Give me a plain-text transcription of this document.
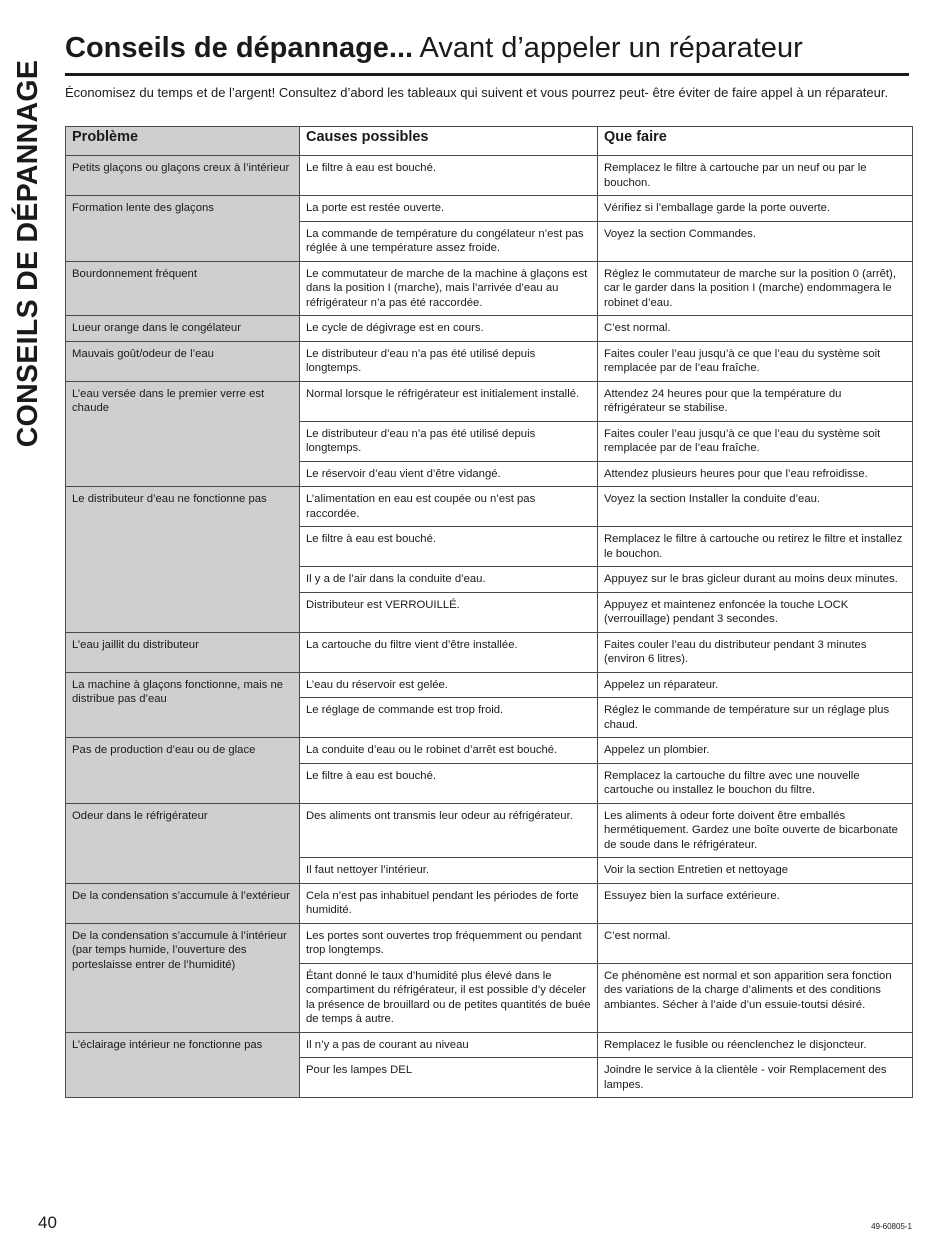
CONSEILS DE DÉPANNAGE
Conseils de dépannage... Avant d’appeler un réparateur

Économisez du temps et de l’argent! Consultez d’abord les tableaux qui suivent et vous pourrez peut- être éviter de faire appel à un réparateur.

Problème	Causes possibles	Que faire
Petits glaçons ou glaçons creux à l’intérieur	Le filtre à eau est bouché.	Remplacez le filtre à cartouche par un neuf ou par le bouchon.
Formation lente des glaçons	La porte est restée ouverte.	Vérifiez si l’emballage garde la porte ouverte.
	La commande de température du congélateur n’est pas réglée à une température assez froide.	Voyez la section Commandes.
Bourdonnement fréquent	Le commutateur de marche de la machine à glaçons est dans la position I (marche), mais l’arrivée d’eau au réfrigérateur n’a pas été raccordée.	Réglez le commutateur de marche sur la position 0 (arrêt), car le garder dans la position I (marche) endommagera le robinet d’eau.
Lueur orange dans le congélateur	Le cycle de dégivrage est en cours.	C’est normal.
Mauvais goût/odeur de l’eau	Le distributeur d’eau n’a pas été utilisé depuis longtemps.	Faites couler l’eau jusqu’à ce que l’eau du système soit remplacée par de l’eau fraîche.
L’eau versée dans le premier verre est chaude	Normal lorsque le réfrigérateur est initialement installé.	Attendez 24 heures pour que la température du réfrigérateur se stabilise.
	Le distributeur d’eau n’a pas été utilisé depuis longtemps.	Faites couler l’eau jusqu’à ce que l’eau du système soit remplacée par de l’eau fraîche.
	Le réservoir d’eau vient d’être vidangé.	Attendez plusieurs heures pour que l’eau refroidisse.
Le distributeur d’eau ne fonctionne pas	L’alimentation en eau est coupée ou n’est pas raccordée.	Voyez la section Installer la conduite d’eau.
	Le filtre à eau est bouché.	Remplacez le filtre à cartouche ou retirez le filtre et installez le bouchon.
	Il y a de l’air dans la conduite d’eau.	Appuyez sur le bras gicleur durant au moins deux minutes.
	Distributeur est VERROUILLÉ.	Appuyez et maintenez enfoncée la touche LOCK (verrouillage) pendant 3 secondes.
L’eau jaillit du distributeur	La cartouche du filtre vient d’être installée.	Faites couler l’eau du distributeur pendant 3 minutes (environ 6 litres).
La machine à glaçons fonctionne, mais ne distribue pas d’eau	L’eau du réservoir est gelée.	Appelez un réparateur.
	Le réglage de commande est trop froid.	Réglez le commande de température sur un réglage plus chaud.
Pas de production d’eau ou de glace	La conduite d’eau ou le robinet d’arrêt est bouché.	Appelez un plombier.
	Le filtre à eau est bouché.	Remplacez la cartouche du filtre avec une nouvelle cartouche ou installez le bouchon du filtre.
Odeur dans le réfrigérateur	Des aliments ont transmis leur odeur au réfrigérateur.	Les aliments à odeur forte doivent être emballés hermétiquement. Gardez une boîte ouverte de bicarbonate de soude dans le réfrigérateur.
	Il faut nettoyer l’intérieur.	Voir la section Entretien et nettoyage
De la condensation s’accumule à l’extérieur	Cela n’est pas inhabituel pendant les périodes de forte humidité.	Essuyez bien la surface extérieure.
De la condensation s’accumule à l’intérieur (par temps humide, l’ouverture des porteslaisse entrer de l’humidité)	Les portes sont ouvertes trop fréquemment ou pendant trop longtemps.	C’est normal.
	Étant donné le taux d’humidité plus élevé dans le compartiment du réfrigérateur, il est possible d’y déceler la présence de brouillard ou de petites quantités de buée de temps à autre.	Ce phénomène est normal et son apparition sera fonction des variations de la charge d’aliments et des conditions ambiantes. Sécher à l’aide d’un essuie-toutsi désiré.
L’éclairage intérieur ne fonctionne pas	Il n’y a pas de courant au niveau	Remplacez le fusible ou réenclenchez le disjoncteur.
	Pour les lampes DEL	Joindre le service à la clientèle - voir Remplacement des lampes.
40	49-60805-1
